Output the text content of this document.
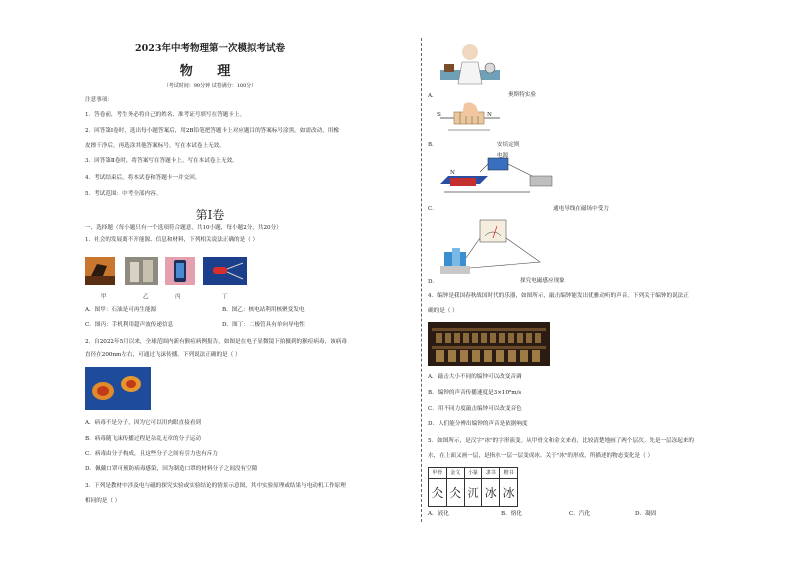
2023年中考物理第一次模拟考试卷
物 理
（考试时间：90分钟 试卷满分：100分）
注意事项：
1．答卷前，考生务必将自己的姓名、准考证号填写在答题卡上。
2．回答第Ⅰ卷时，选出每小题答案后，用2B铅笔把答题卡上对应题目的答案标号涂黑。如需改动，用橡
皮擦干净后，再选涂其他答案标号。写在本试卷上无效。
3．回答第Ⅱ卷时，将答案写在答题卡上。写在本试卷上无效。
4．考试结束后，将本试卷和答题卡一并交回。
5．考试范围：中考全部内容。
第Ⅰ卷
一、选择题（每小题只有一个选项符合题意，共10小题，每小题2分，共20分）
1．社会的发展离不开能源、信息和材料，下列相关说法正确的是（ ）
甲	乙	丙	丁
A．图甲：石油是可再生能源	B．图乙：核电站利用核聚变发电
C．图丙：手机利用超声波传递信息	D．图丁：二极管具有单向导电性
2．自2022年5月以来，全球范围内新有猴痘病例报告。如图是在电子显微镜下拍摄到的猴痘病毒，该病毒
直径在200nm左右，可通过飞沫传播。下列说法正确的是（ ）
A．病毒不是分子，因为它可以用肉眼直接看到
B．病毒随飞沫传播过程是杂乱无章的分子运动
C．病毒由分子构成，且这些分子之间有引力也有斥力
D．佩戴口罩可预防病毒感染，因为制造口罩的材料分子之间没有空隙
3．下列是教材中涉及电与磁的探究实验或实验结论的情景示意图，其中实验原理或结果与电动机工作原理
相同的是（ ）
A．	奥斯特实验
S	N
B．	安培定则
电源
N
C．	通电导线在磁场中受力
D．	探究电磁感应现象
4．编钟是我国春秋战国时代的乐器，如图所示，敲击编钟能发出优雅动听的声音。下列关于编钟的说法正
确的是（ ）
A．敲击大小不同的编钟可以改变音调
B．编钟的声音传播速度是3×10⁸m/s
C．用不同力度敲击编钟可以改变音色
D．人们能分辨出编钟的声音是依据响度
5．如图所示，是汉字"冰"的字形演变。从甲骨文和金文来看，比较清楚地画了两个层次。先是一层冻起来的
水，在上面又画一层，是指水一层一层变成冰。关于"冰"的形成，所描述的物态变化是（ ）
甲骨	金文	小篆	隶书	楷书
仌 仌 𣲍 冰 冰
A．液化	B．熔化	C．汽化	D．凝固
